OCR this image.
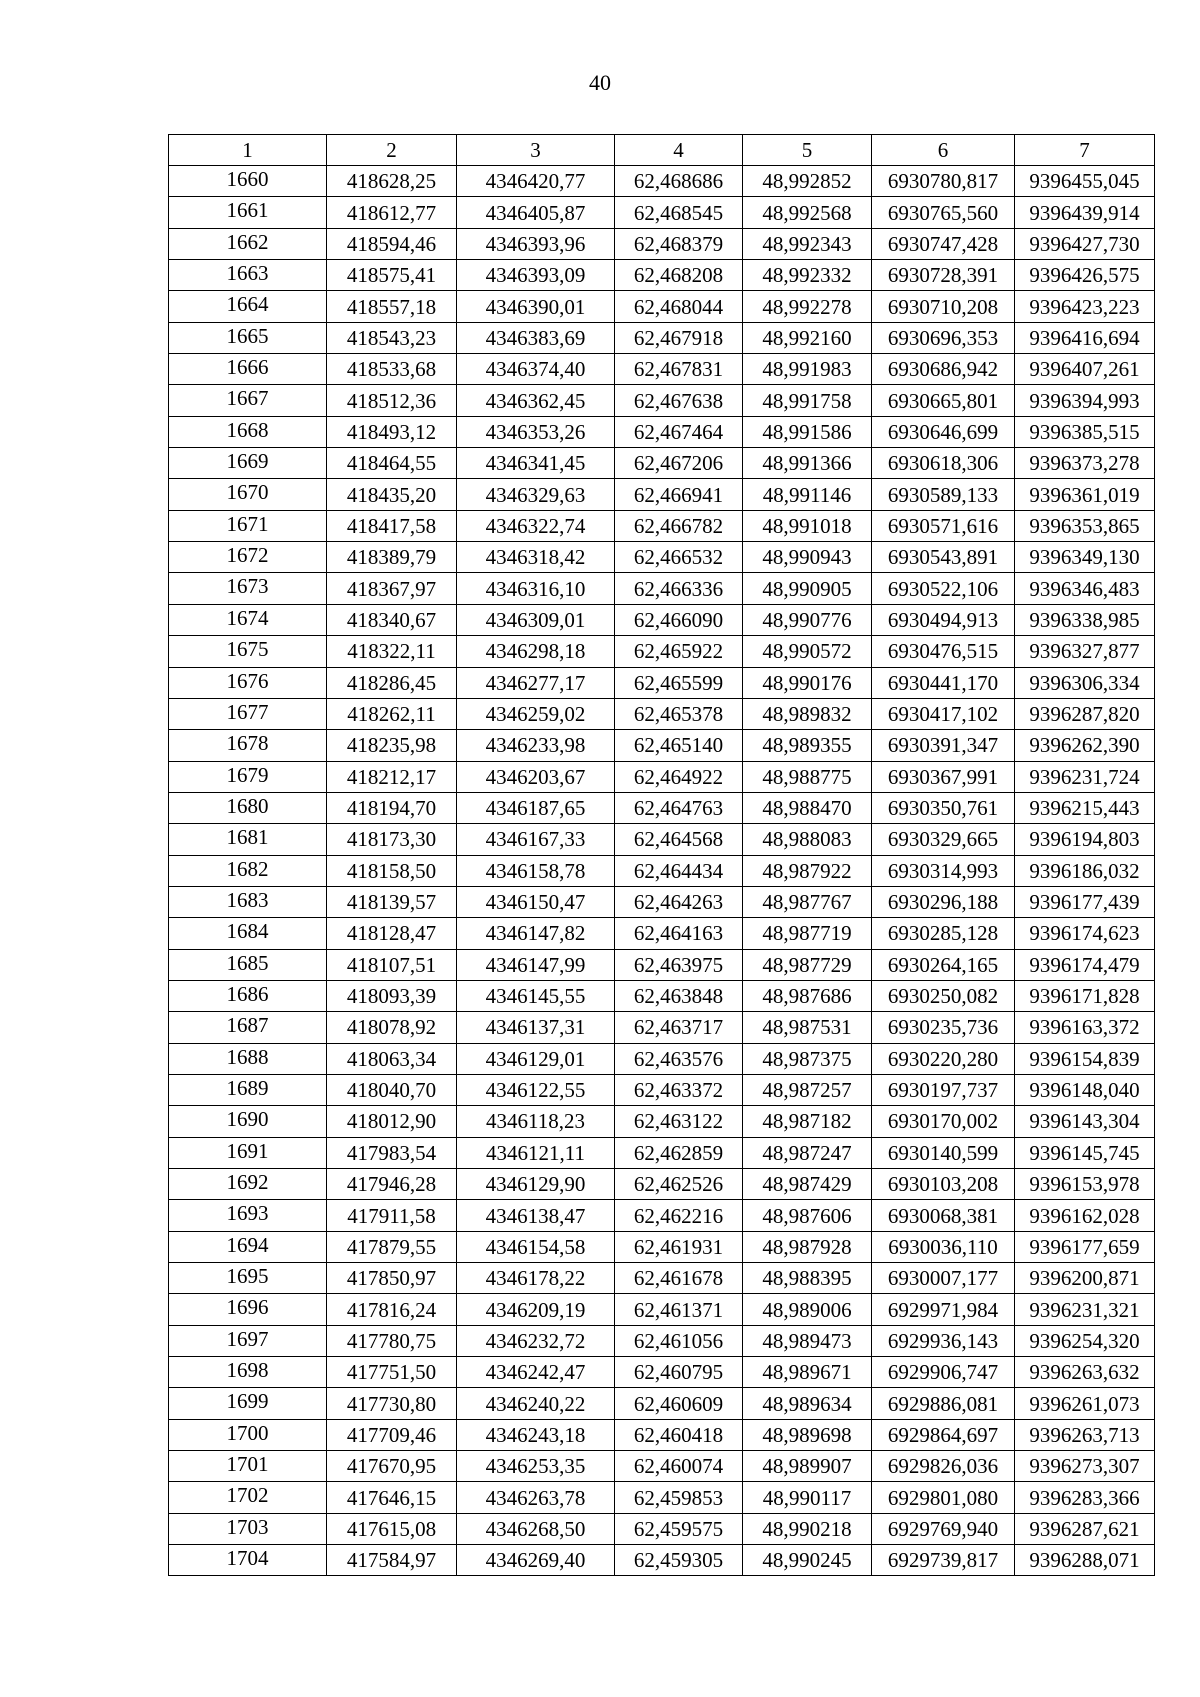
40
1	2	3	4	5	6	7
1660	418628,25	4346420,77	62,468686	48,992852	6930780,817	9396455,045
1661	418612,77	4346405,87	62,468545	48,992568	6930765,560	9396439,914
1662	418594,46	4346393,96	62,468379	48,992343	6930747,428	9396427,730
1663	418575,41	4346393,09	62,468208	48,992332	6930728,391	9396426,575
1664	418557,18	4346390,01	62,468044	48,992278	6930710,208	9396423,223
1665	418543,23	4346383,69	62,467918	48,992160	6930696,353	9396416,694
1666	418533,68	4346374,40	62,467831	48,991983	6930686,942	9396407,261
1667	418512,36	4346362,45	62,467638	48,991758	6930665,801	9396394,993
1668	418493,12	4346353,26	62,467464	48,991586	6930646,699	9396385,515
1669	418464,55	4346341,45	62,467206	48,991366	6930618,306	9396373,278
1670	418435,20	4346329,63	62,466941	48,991146	6930589,133	9396361,019
1671	418417,58	4346322,74	62,466782	48,991018	6930571,616	9396353,865
1672	418389,79	4346318,42	62,466532	48,990943	6930543,891	9396349,130
1673	418367,97	4346316,10	62,466336	48,990905	6930522,106	9396346,483
1674	418340,67	4346309,01	62,466090	48,990776	6930494,913	9396338,985
1675	418322,11	4346298,18	62,465922	48,990572	6930476,515	9396327,877
1676	418286,45	4346277,17	62,465599	48,990176	6930441,170	9396306,334
1677	418262,11	4346259,02	62,465378	48,989832	6930417,102	9396287,820
1678	418235,98	4346233,98	62,465140	48,989355	6930391,347	9396262,390
1679	418212,17	4346203,67	62,464922	48,988775	6930367,991	9396231,724
1680	418194,70	4346187,65	62,464763	48,988470	6930350,761	9396215,443
1681	418173,30	4346167,33	62,464568	48,988083	6930329,665	9396194,803
1682	418158,50	4346158,78	62,464434	48,987922	6930314,993	9396186,032
1683	418139,57	4346150,47	62,464263	48,987767	6930296,188	9396177,439
1684	418128,47	4346147,82	62,464163	48,987719	6930285,128	9396174,623
1685	418107,51	4346147,99	62,463975	48,987729	6930264,165	9396174,479
1686	418093,39	4346145,55	62,463848	48,987686	6930250,082	9396171,828
1687	418078,92	4346137,31	62,463717	48,987531	6930235,736	9396163,372
1688	418063,34	4346129,01	62,463576	48,987375	6930220,280	9396154,839
1689	418040,70	4346122,55	62,463372	48,987257	6930197,737	9396148,040
1690	418012,90	4346118,23	62,463122	48,987182	6930170,002	9396143,304
1691	417983,54	4346121,11	62,462859	48,987247	6930140,599	9396145,745
1692	417946,28	4346129,90	62,462526	48,987429	6930103,208	9396153,978
1693	417911,58	4346138,47	62,462216	48,987606	6930068,381	9396162,028
1694	417879,55	4346154,58	62,461931	48,987928	6930036,110	9396177,659
1695	417850,97	4346178,22	62,461678	48,988395	6930007,177	9396200,871
1696	417816,24	4346209,19	62,461371	48,989006	6929971,984	9396231,321
1697	417780,75	4346232,72	62,461056	48,989473	6929936,143	9396254,320
1698	417751,50	4346242,47	62,460795	48,989671	6929906,747	9396263,632
1699	417730,80	4346240,22	62,460609	48,989634	6929886,081	9396261,073
1700	417709,46	4346243,18	62,460418	48,989698	6929864,697	9396263,713
1701	417670,95	4346253,35	62,460074	48,989907	6929826,036	9396273,307
1702	417646,15	4346263,78	62,459853	48,990117	6929801,080	9396283,366
1703	417615,08	4346268,50	62,459575	48,990218	6929769,940	9396287,621
1704	417584,97	4346269,40	62,459305	48,990245	6929739,817	9396288,071
